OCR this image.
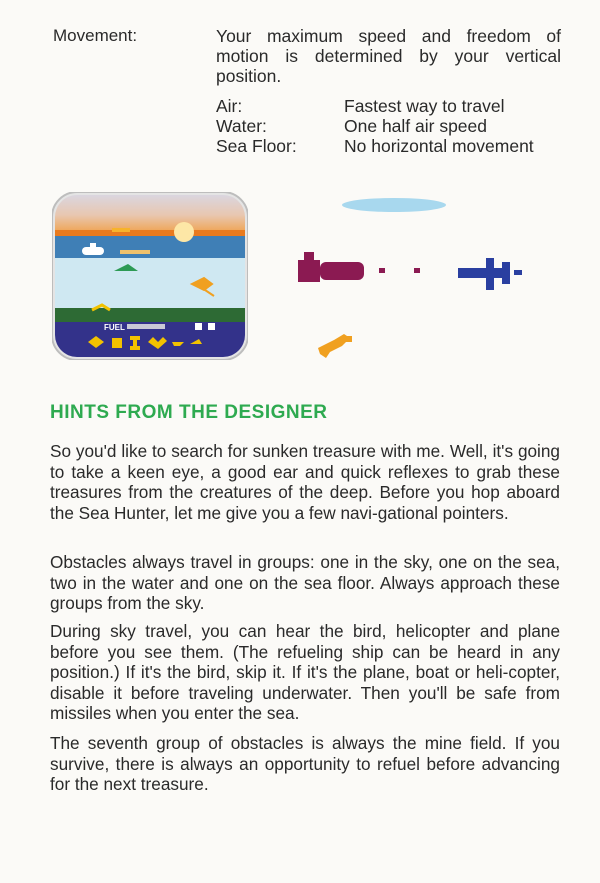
Movement:	Your maximum speed and freedom of motion is determined by your vertical position.
Air:	Fastest way to travel
Water:	One half air speed
Sea Floor:	No horizontal movement
FUEL
HINTS FROM THE DESIGNER

So you'd like to search for sunken treasure with me. Well, it's going to take a keen eye, a good ear and quick reflexes to grab these treasures from the creatures of the deep. Before you hop aboard the Sea Hunter, let me give you a few navi-gational pointers.

Obstacles always travel in groups: one in the sky, one on the sea, two in the water and one on the sea floor. Always approach these groups from the sky.

During sky travel, you can hear the bird, helicopter and plane before you see them. (The refueling ship can be heard in any position.) If it's the bird, skip it. If it's the plane, boat or heli-copter, disable it before traveling underwater. Then you'll be safe from missiles when you enter the sea.

The seventh group of obstacles is always the mine field. If you survive, there is always an opportunity to refuel before advancing for the next treasure.
